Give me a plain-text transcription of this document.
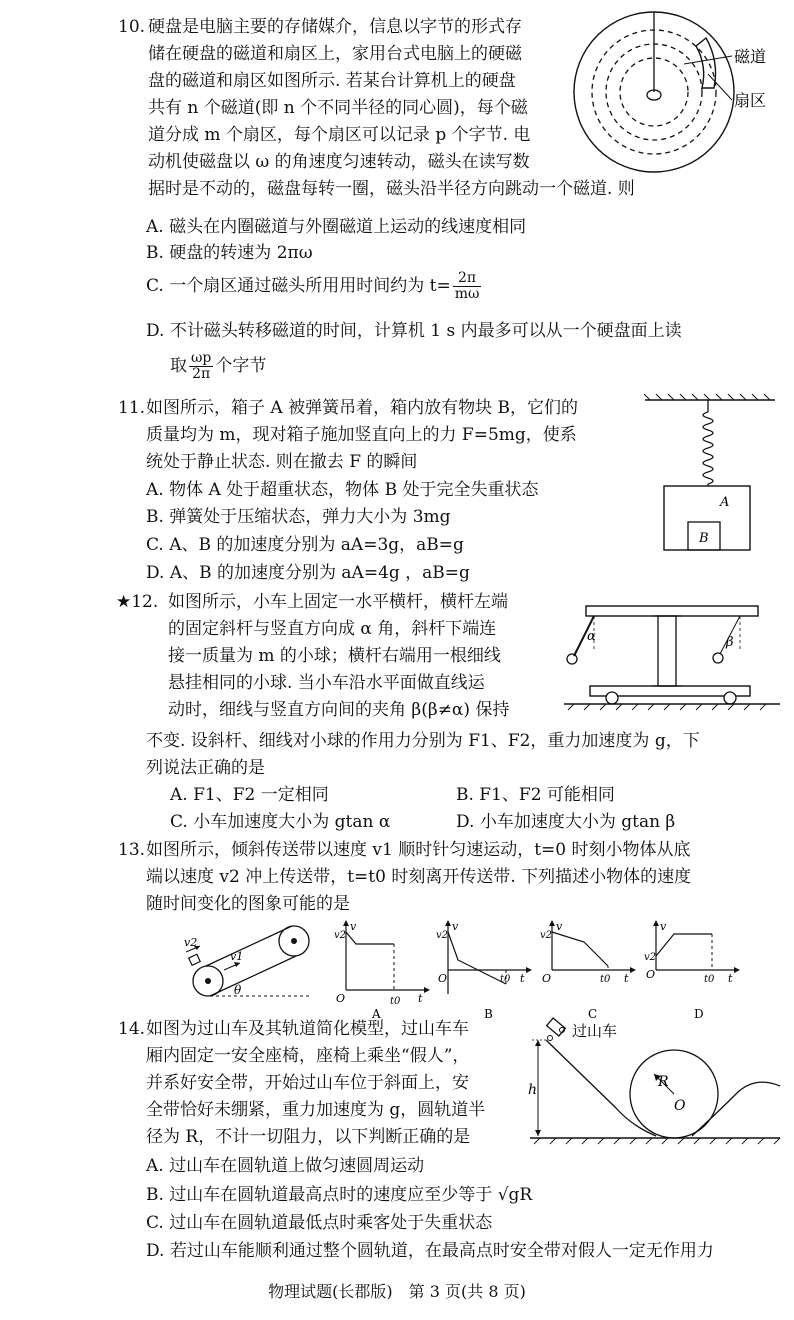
10. 硬盘是电脑主要的存储媒介，信息以字节的形式存
储在硬盘的磁道和扇区上，家用台式电脑上的硬磁
盘的磁道和扇区如图所示. 若某台计算机上的硬盘
共有 n 个磁道(即 n 个不同半径的同心圆)，每个磁
道分成 m 个扇区，每个扇区可以记录 p 个字节. 电
动机使磁盘以 ω 的角速度匀速转动，磁头在读写数
据时是不动的，磁盘每转一圈，磁头沿半径方向跳动一个磁道. 则
A. 磁头在内圈磁道与外圈磁道上运动的线速度相同
B. 硬盘的转速为 2πω
C. 一个扇区通过磁头所用用时间约为 $t= \frac{2\pi}{m\omega}$
D. 不计磁头转移磁道的时间，计算机 1 s 内最多可以从一个硬盘面上读
取 $\frac{\omega p}{2\pi}$ 个字节
磁道
扇区
11. 如图所示，箱子 A 被弹簧吊着，箱内放有物块 B，它们的
质量均为 m，现对箱子施加竖直向上的力 F=5mg，使系
统处于静止状态. 则在撤去 F 的瞬间
A. 物体 A 处于超重状态，物体 B 处于完全失重状态
B. 弹簧处于压缩状态，弹力大小为 3mg
C. A、B 的加速度分别为 aA=3g，aB=g
D. A、B 的加速度分别为 aA=4g ，aB=g
A
B
★12. 如图所示，小车上固定一水平横杆，横杆左端
的固定斜杆与竖直方向成 α 角，斜杆下端连
接一质量为 m 的小球；横杆右端用一根细线
悬挂相同的小球. 当小车沿水平面做直线运
动时，细线与竖直方向间的夹角 β(β≠α) 保持
不变. 设斜杆、细线对小球的作用力分别为 F1、F2，重力加速度为 g，下
列说法正确的是
A. F1、F2 一定相同	B. F1、F2 可能相同
C. 小车加速度大小为 gtan α	D. 小车加速度大小为 gtan β
α	β
13. 如图所示，倾斜传送带以速度 v1 顺时针匀速运动，t=0 时刻小物体从底
端以速度 v2 冲上传送带，t=t0 时刻离开传送带. 下列描述小物体的速度
随时间变化的图象可能的是
v2
v1
θ
v
v2
O	t
t0
A
v
v2
O	t
t0
B
v
v2
O	t
t0
C
v
v2
O	t
t0
D
14. 如图为过山车及其轨道简化模型，过山车车
厢内固定一安全座椅，座椅上乘坐“假人”，
并系好安全带，开始过山车位于斜面上，安
全带恰好未绷紧，重力加速度为 g，圆轨道半
径为 R，不计一切阻力，以下判断正确的是
A. 过山车在圆轨道上做匀速圆周运动
B. 过山车在圆轨道最高点时的速度应至少等于 √gR
C. 过山车在圆轨道最低点时乘客处于失重状态
D. 若过山车能顺利通过整个圆轨道，在最高点时安全带对假人一定无作用力
过山车
R
O
h
物理试题(长郡版)　第 3 页(共 8 页)
